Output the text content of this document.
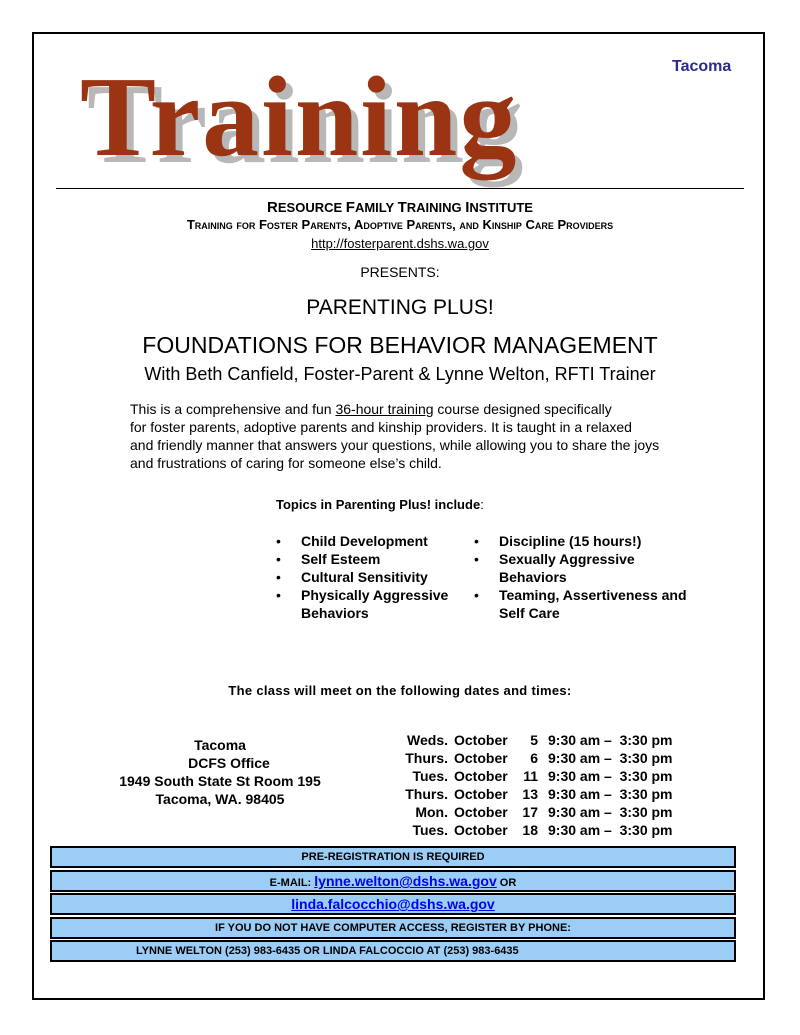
Tacoma
Training
RESOURCE FAMILY TRAINING INSTITUTE
Training for Foster Parents, Adoptive Parents, and Kinship Care Providers
http://fosterparent.dshs.wa.gov
PRESENTS:
PARENTING PLUS!
FOUNDATIONS FOR BEHAVIOR MANAGEMENT
With Beth Canfield, Foster-Parent & Lynne Welton, RFTI Trainer

This is a comprehensive and fun 36-hour training course designed specifically

for foster parents, adoptive parents and kinship providers. It is taught in a relaxed

and friendly manner that answers your questions, while allowing you to share the joys

and frustrations of caring for someone else’s child.

Topics in Parenting Plus! include:
• Child Development
• Self Esteem
• Cultural Sensitivity
• Physically Aggressive Behaviors
• Discipline (15 hours!)
• Sexually Aggressive Behaviors
• Teaming, Assertiveness and Self Care
The class will meet on the following dates and times:
Tacoma
DCFS Office
1949 South State St Room 195
Tacoma, WA. 98405
Weds. October	5 9:30 am –  3:30 pm
Thurs. October	6 9:30 am –  3:30 pm
Tues. October	11 9:30 am –  3:30 pm
Thurs. October	13 9:30 am –  3:30 pm
Mon. October	17 9:30 am –  3:30 pm
Tues. October	18 9:30 am –  3:30 pm
PRE-REGISTRATION IS REQUIRED
E-MAIL: lynne.welton@dshs.wa.gov OR
linda.falcocchio@dshs.wa.gov
IF YOU DO NOT HAVE COMPUTER ACCESS, REGISTER BY PHONE:
LYNNE WELTON (253) 983-6435 OR LINDA FALCOCCIO AT (253) 983-6435
